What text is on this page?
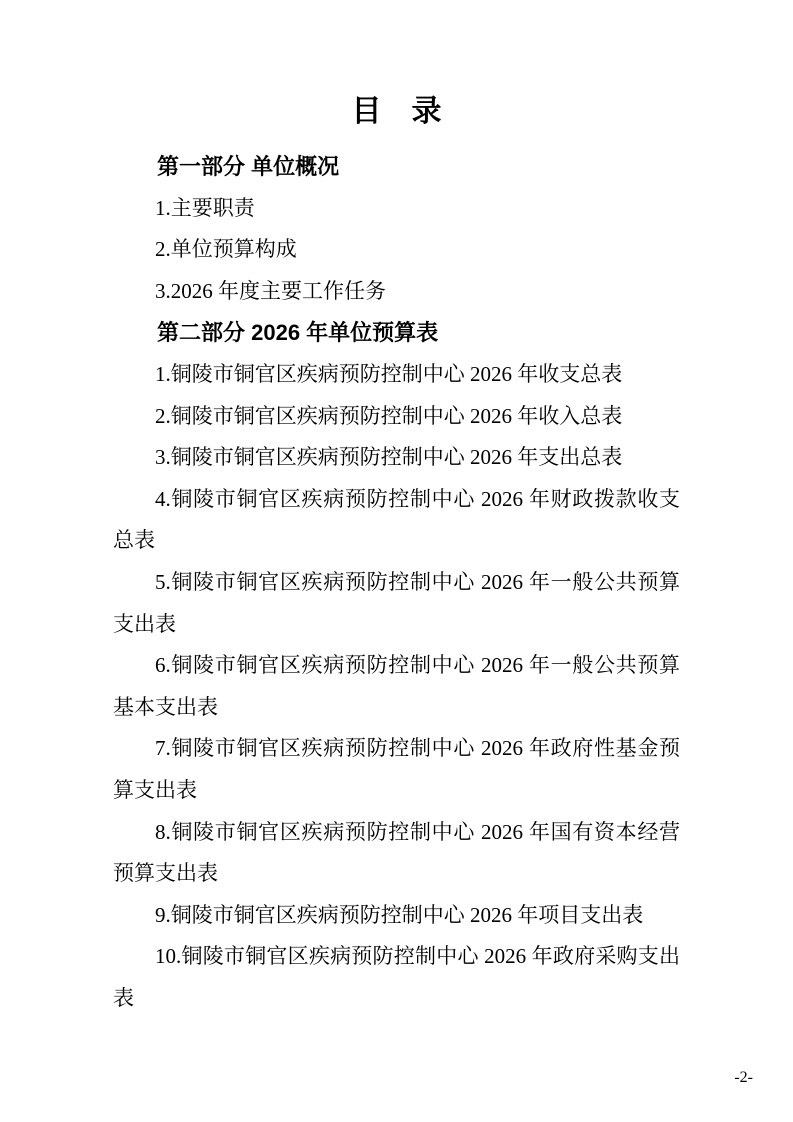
目　录

第一部分 单位概况

1.主要职责

2.单位预算构成

3.2026 年度主要工作任务

第二部分 2026 年单位预算表

1.铜陵市铜官区疾病预防控制中心 2026 年收支总表

2.铜陵市铜官区疾病预防控制中心 2026 年收入总表

3.铜陵市铜官区疾病预防控制中心 2026 年支出总表

4.铜陵市铜官区疾病预防控制中心 2026 年财政拨款收支总表

5.铜陵市铜官区疾病预防控制中心 2026 年一般公共预算支出表

6.铜陵市铜官区疾病预防控制中心 2026 年一般公共预算基本支出表

7.铜陵市铜官区疾病预防控制中心 2026 年政府性基金预算支出表

8.铜陵市铜官区疾病预防控制中心 2026 年国有资本经营预算支出表

9.铜陵市铜官区疾病预防控制中心 2026 年项目支出表

10.铜陵市铜官区疾病预防控制中心 2026 年政府采购支出表

-2-
